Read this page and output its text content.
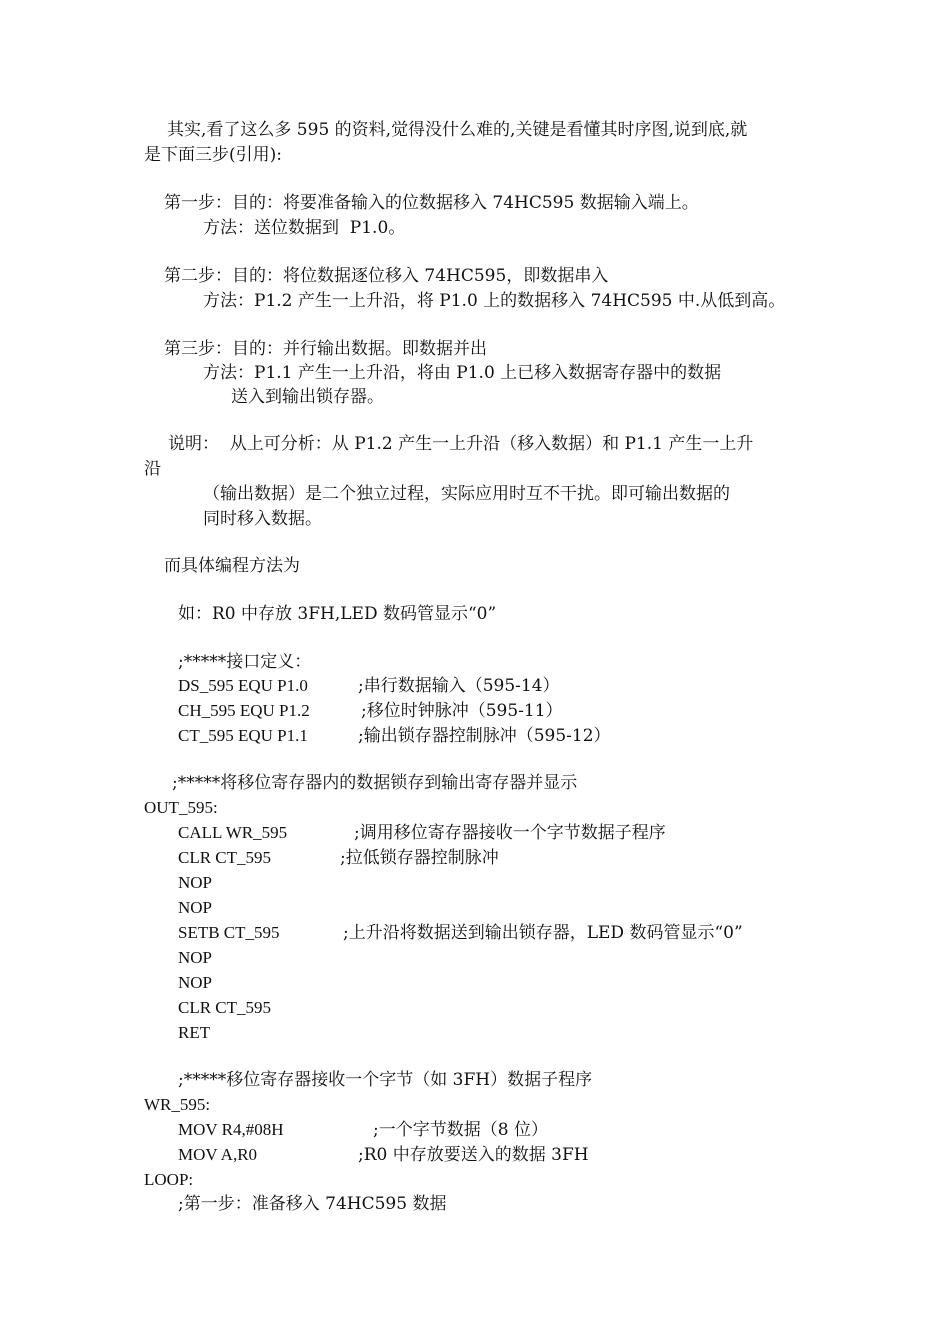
其实,看了这么多 595 的资料,觉得没什么难的,关键是看懂其时序图,说到底,就

是下面三步(引用):

第一步：目的：将要准备输入的位数据移入 74HC595 数据输入端上。

方法：送位数据到  P1.0。

第二步：目的：将位数据逐位移入 74HC595，即数据串入

方法：P1.2 产生一上升沿，将 P1.0 上的数据移入 74HC595 中.从低到高。

第三步：目的：并行输出数据。即数据并出

方法：P1.1 产生一上升沿，将由 P1.0 上已移入数据寄存器中的数据

送入到输出锁存器。

说明：  从上可分析：从 P1.2 产生一上升沿（移入数据）和 P1.1 产生一上升

沿

（输出数据）是二个独立过程，实际应用时互不干扰。即可输出数据的

同时移入数据。

而具体编程方法为

如：R0 中存放 3FH,LED 数码管显示“0”

;*****接口定义：

DS_595 EQU P1.0	;串行数据输入（595-14）

CH_595 EQU P1.2	;移位时钟脉冲（595-11）

CT_595 EQU P1.1	;输出锁存器控制脉冲（595-12）

;*****将移位寄存器内的数据锁存到输出寄存器并显示

OUT_595:

CALL WR_595	;调用移位寄存器接收一个字节数据子程序

CLR CT_595	;拉低锁存器控制脉冲

NOP

NOP

SETB CT_595	;上升沿将数据送到输出锁存器，LED 数码管显示“0”

NOP

NOP

CLR CT_595

RET

;*****移位寄存器接收一个字节（如 3FH）数据子程序

WR_595:

MOV R4,#08H	;一个字节数据（8 位）

MOV A,R0	;R0 中存放要送入的数据 3FH

LOOP:

;第一步：准备移入 74HC595 数据
